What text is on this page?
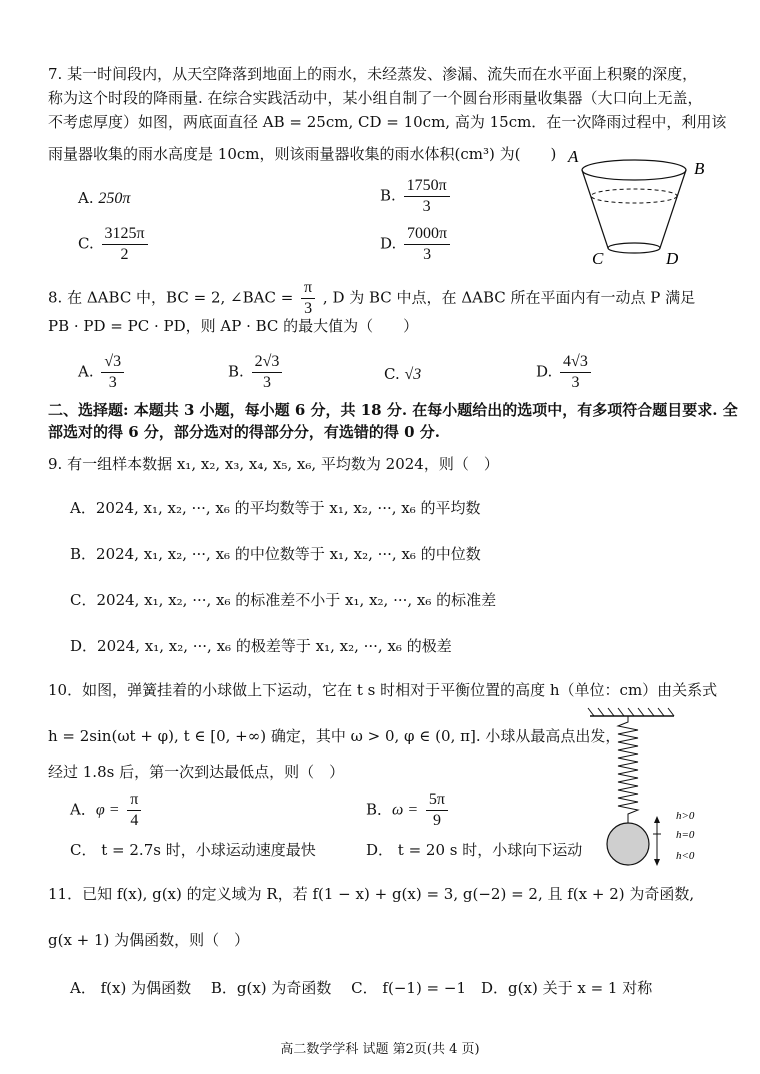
7. 某一时间段内，从天空降落到地面上的雨水，未经蒸发、渗漏、流失而在水平面上积聚的深度，
称为这个时段的降雨量. 在综合实践活动中，某小组自制了一个圆台形雨量收集器（大口向上无盖，
不考虑厚度）如图，两底面直径 AB = 25cm, CD = 10cm, 高为 15cm．在一次降雨过程中，利用该
雨量器收集的雨水高度是 10cm，则该雨量器收集的雨水体积(cm³) 为(　　)
A. 250π	B. $\frac{1750\pi}{3}$
C. $\frac{3125\pi}{2}$	D. $\frac{7000\pi}{3}$
A
B
C	D
8. 在 ΔABC 中，BC = 2, ∠BAC = $\frac{\pi}{3}$ , D 为 BC 中点，在 ΔABC 所在平面内有一动点 P 满足
PB · PD = PC · PD，则 AP · BC 的最大值为（　　）
A. $\frac{√3}{3}$	B. $\frac{2√3}{3}$	C. √3	D. $\frac{4√3}{3}$
二、选择题: 本题共 3 小题，每小题 6 分，共 18 分. 在每小题给出的选项中，有多项符合题目要求. 全
部选对的得 6 分，部分选对的得部分分，有选错的得 0 分.
9. 有一组样本数据 x₁, x₂, x₃, x₄, x₅, x₆, 平均数为 2024，则（　）
A．2024, x₁, x₂, ···, x₆ 的平均数等于 x₁, x₂, ···, x₆ 的平均数
B．2024, x₁, x₂, ···, x₆ 的中位数等于 x₁, x₂, ···, x₆ 的中位数
C．2024, x₁, x₂, ···, x₆ 的标准差不小于 x₁, x₂, ···, x₆ 的标准差
D．2024, x₁, x₂, ···, x₆ 的极差等于 x₁, x₂, ···, x₆ 的极差
10．如图，弹簧挂着的小球做上下运动，它在 t s 时相对于平衡位置的高度 h（单位：cm）由关系式
h = 2sin(ωt + φ), t ∈ [0, +∞) 确定，其中 ω > 0, φ ∈ (0, π]. 小球从最高点出发，
经过 1.8s 后，第一次到达最低点，则（　）
A．$\varphi = \frac{\pi}{4}$	B．$\omega = \frac{5\pi}{9}$
C． t = 2.7s 时，小球运动速度最快	D． t = 20 s 时，小球向下运动
h>0
h=0
h<0
11．已知 f(x), g(x) 的定义域为 R，若 f(1 − x) + g(x) = 3, g(−2) = 2, 且 f(x + 2) 为奇函数,
g(x + 1) 为偶函数，则（　）
A． f(x) 为偶函数　 B．g(x) 为奇函数　 C． f(−1) = −1　D．g(x) 关于 x = 1 对称
高二数学学科 试题 第2页(共 4 页)
